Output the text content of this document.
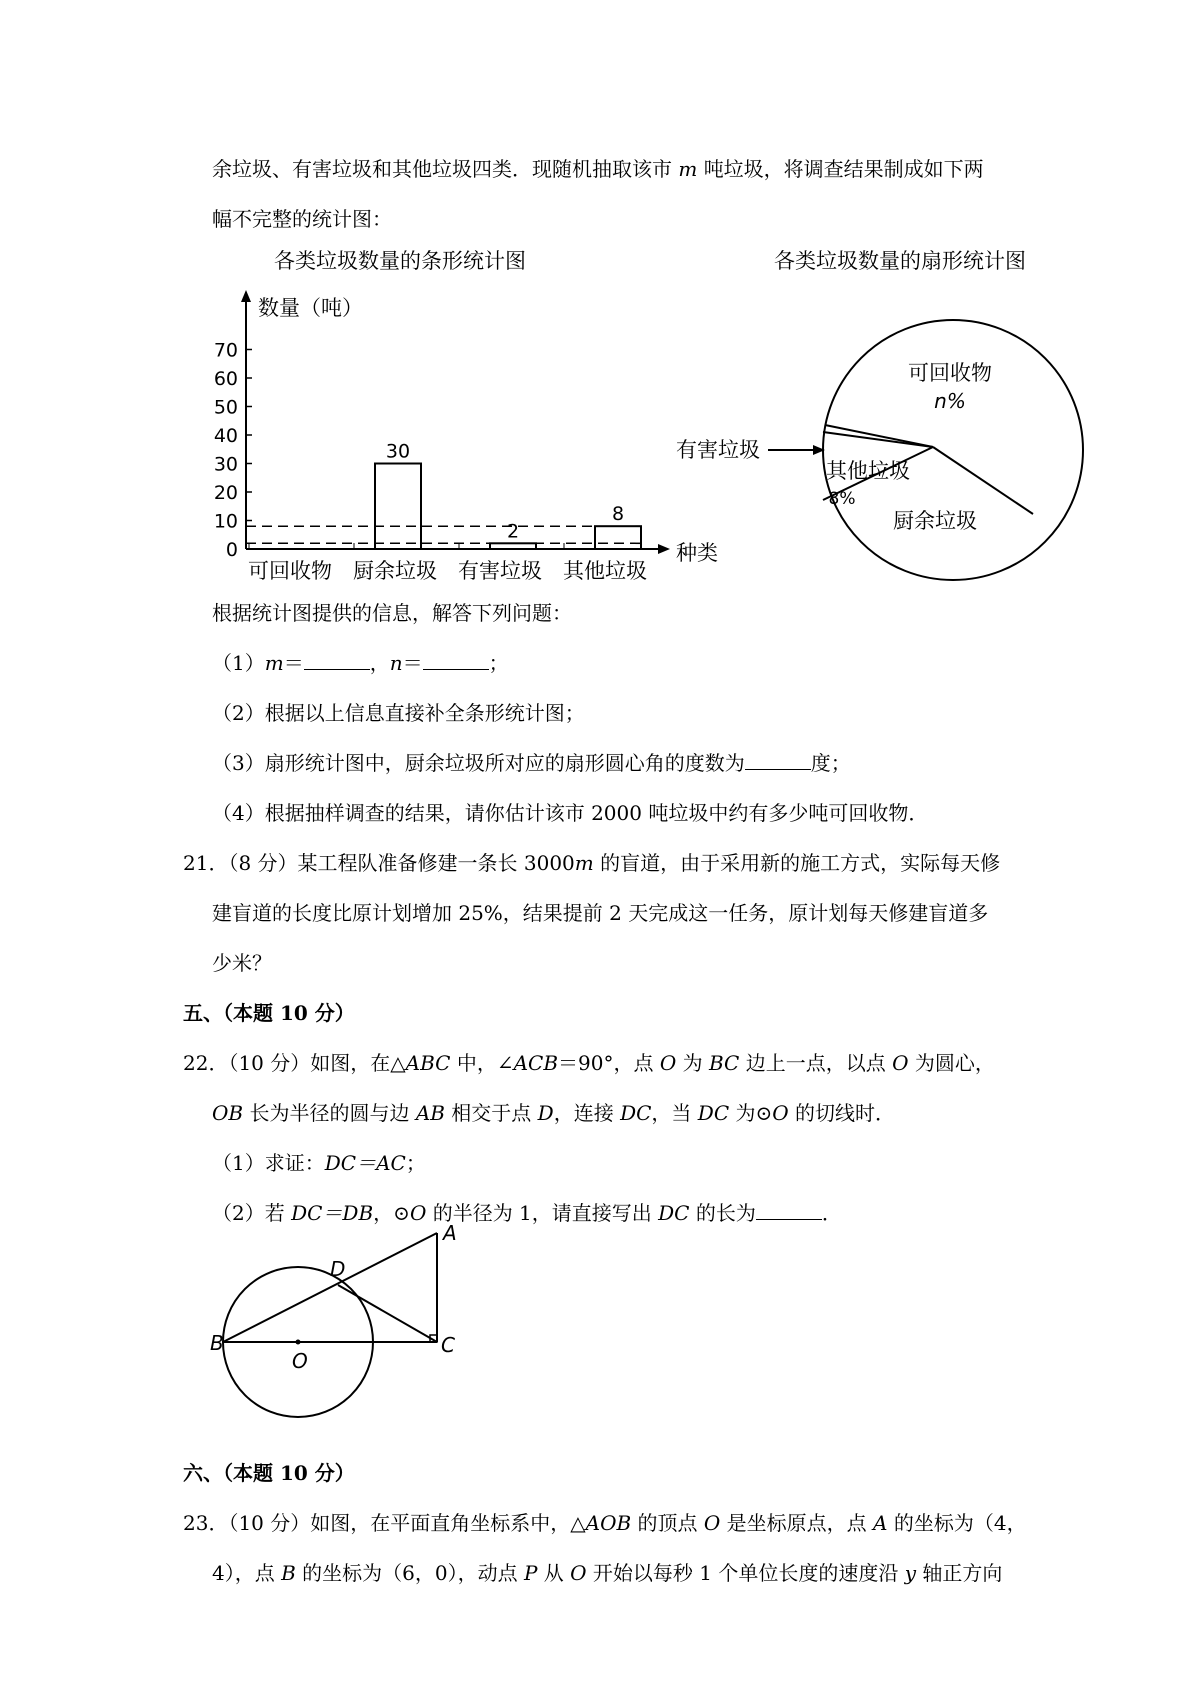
余垃圾、有害垃圾和其他垃圾四类．现随机抽取该市 m 吨垃圾，将调查结果制成如下两
幅不完整的统计图：
各类垃圾数量的条形统计图	各类垃圾数量的扇形统计图
数量（吨）
种类
0
10
20
30
40
50
60
70
可回收物 厨余垃圾
30
有害垃圾
2
其他垃圾
8
可回收物
n%
有害垃圾
其他垃圾
8%
厨余垃圾
根据统计图提供的信息，解答下列问题：
（1）m＝	，n＝	；
（2）根据以上信息直接补全条形统计图；
（3）扇形统计图中，厨余垃圾所对应的扇形圆心角的度数为	度；
（4）根据抽样调查的结果，请你估计该市 2000 吨垃圾中约有多少吨可回收物．
21．（8 分）某工程队准备修建一条长 3000m 的盲道，由于采用新的施工方式，实际每天修
建盲道的长度比原计划增加 25%，结果提前 2 天完成这一任务，原计划每天修建盲道多
少米？
五、（本题 10 分）
22．（10 分）如图，在△ABC 中，∠ACB＝90°，点 O 为 BC 边上一点，以点 O 为圆心，
OB 长为半径的圆与边 AB 相交于点 D，连接 DC，当 DC 为⊙O 的切线时．
（1）求证：DC＝AC；
（2）若 DC＝DB，⊙O 的半径为 1，请直接写出 DC 的长为	．
A
B	C
D
O
六、（本题 10 分）
23．（10 分）如图，在平面直角坐标系中，△AOB 的顶点 O 是坐标原点，点 A 的坐标为（4，
4），点 B 的坐标为（6，0），动点 P 从 O 开始以每秒 1 个单位长度的速度沿 y 轴正方向
